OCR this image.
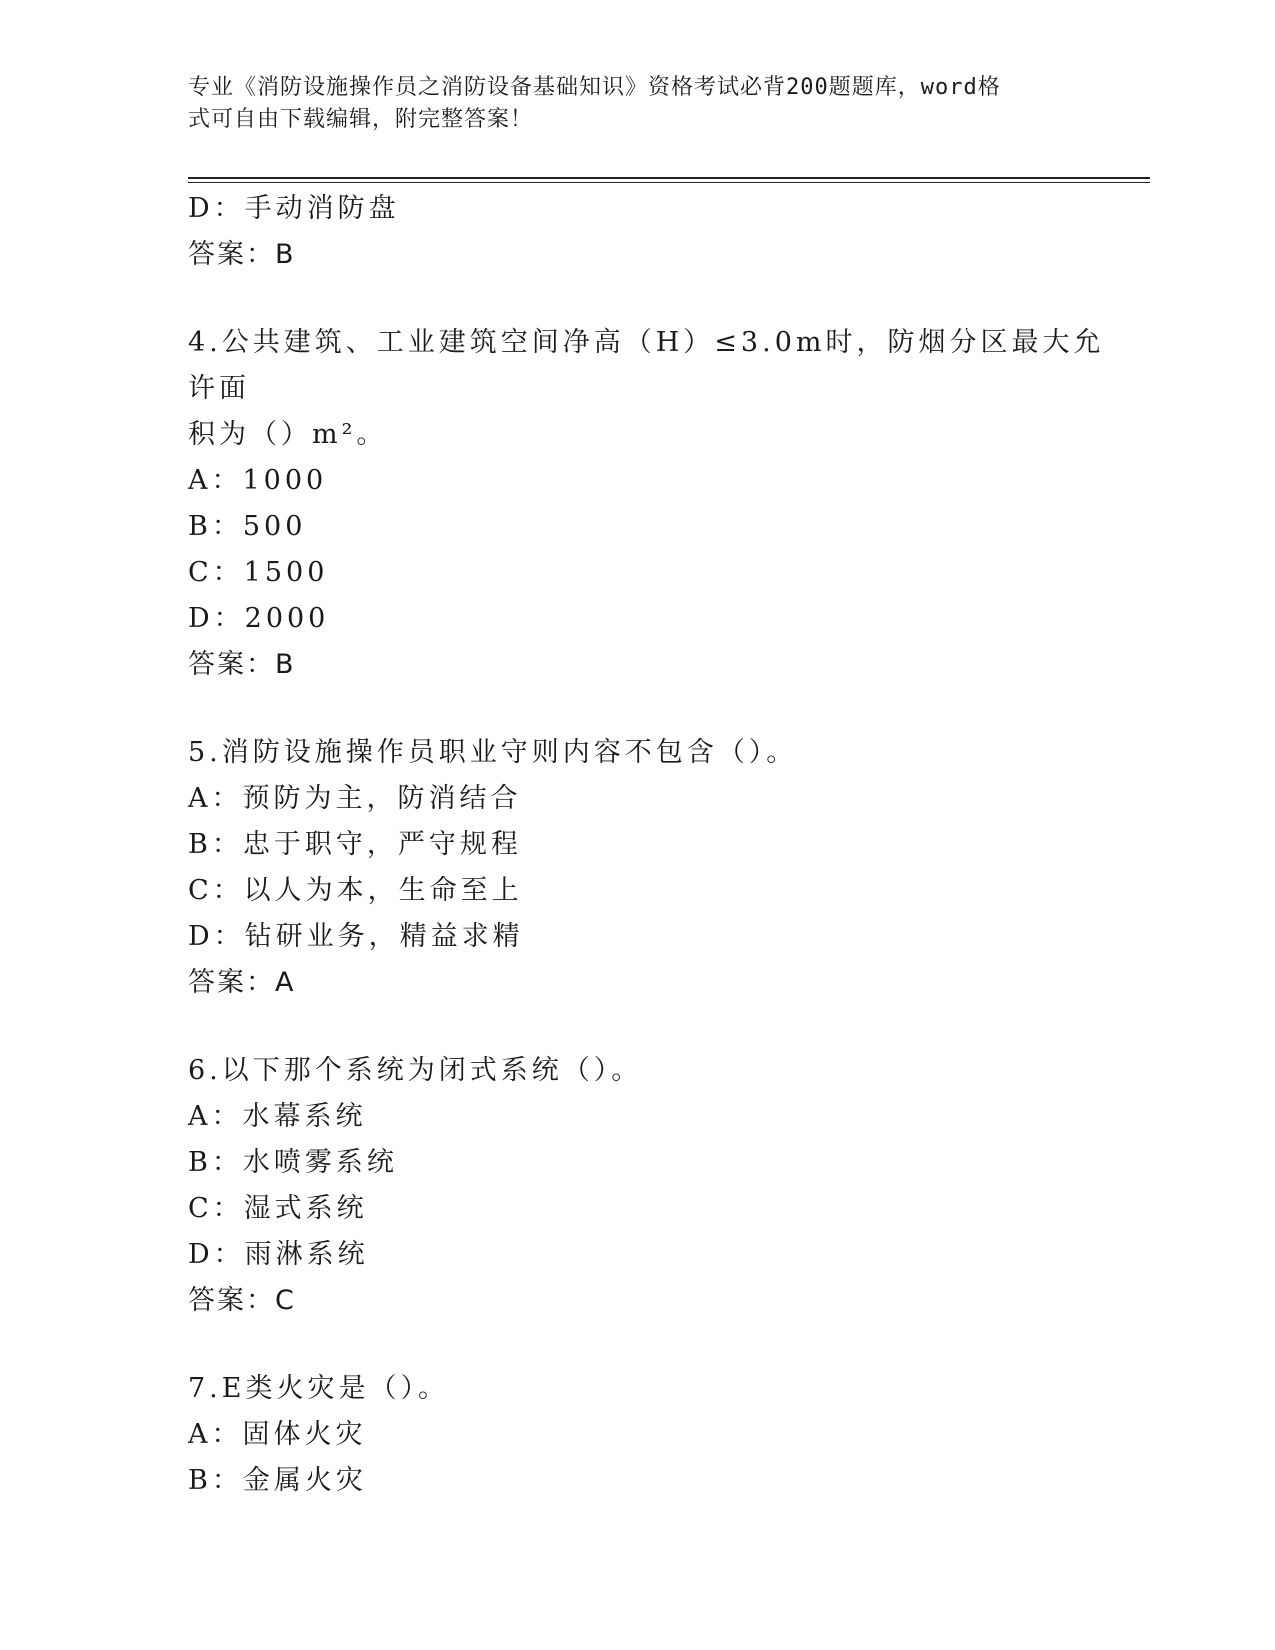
专业《消防设施操作员之消防设备基础知识》资格考试必背200题题库，word格
式可自由下载编辑，附完整答案！
D：手动消防盘
答案：B
4.公共建筑、工业建筑空间净高（H）≤3.0m时，防烟分区最大允许面
积为（）m²。
A：1000
B：500
C：1500
D：2000
答案：B
5.消防设施操作员职业守则内容不包含（）。
A：预防为主，防消结合
B：忠于职守，严守规程
C：以人为本，生命至上
D：钻研业务，精益求精
答案：A
6.以下那个系统为闭式系统（）。
A：水幕系统
B：水喷雾系统
C：湿式系统
D：雨淋系统
答案：C
7.E类火灾是（）。
A：固体火灾
B：金属火灾
